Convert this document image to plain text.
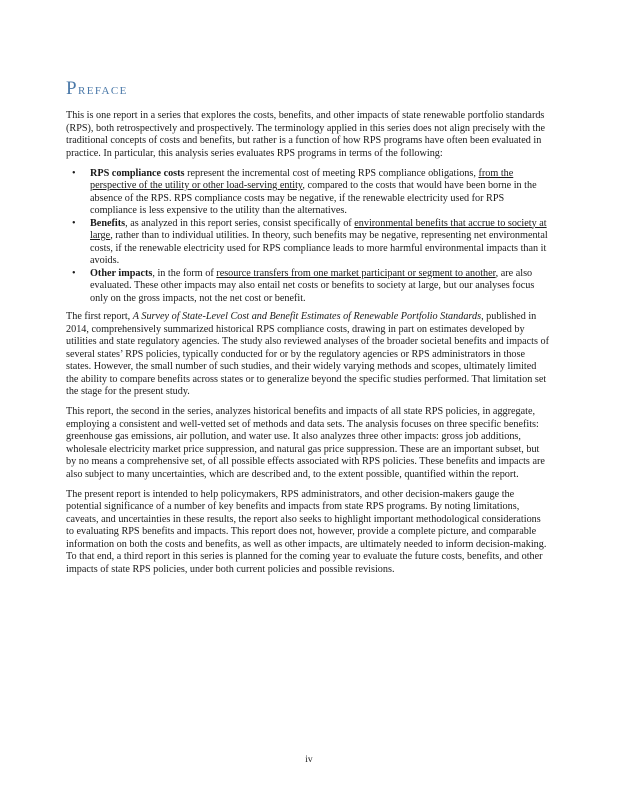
Preface

This is one report in a series that explores the costs, benefits, and other impacts of state renewable portfolio standards (RPS), both retrospectively and prospectively. The terminology applied in this series does not align precisely with the traditional concepts of costs and benefits, but rather is a function of how RPS programs have often been evaluated in practice. In particular, this analysis series evaluates RPS programs in terms of the following:

• RPS compliance costs represent the incremental cost of meeting RPS compliance obligations, from the perspective of the utility or other load-serving entity, compared to the costs that would have been borne in the absence of the RPS. RPS compliance costs may be negative, if the renewable electricity used for RPS compliance is less expensive to the utility than the alternatives.
• Benefits, as analyzed in this report series, consist specifically of environmental benefits that accrue to society at large, rather than to individual utilities. In theory, such benefits may be negative, representing net environmental costs, if the renewable electricity used for RPS compliance leads to more harmful environmental impacts than it avoids.
• Other impacts, in the form of resource transfers from one market participant or segment to another, are also evaluated. These other impacts may also entail net costs or benefits to society at large, but our analyses focus only on the gross impacts, not the net cost or benefit.

The first report, A Survey of State-Level Cost and Benefit Estimates of Renewable Portfolio Standards, published in 2014, comprehensively summarized historical RPS compliance costs, drawing in part on estimates developed by utilities and state regulatory agencies. The study also reviewed analyses of the broader societal benefits and impacts of several states’ RPS policies, typically conducted for or by the regulatory agencies or RPS administrators in those states. However, the small number of such studies, and their widely varying methods and scopes, ultimately limited the ability to compare benefits across states or to generalize beyond the specific studies performed. That limitation set the stage for the present study.

This report, the second in the series, analyzes historical benefits and impacts of all state RPS policies, in aggregate, employing a consistent and well-vetted set of methods and data sets. The analysis focuses on three specific benefits: greenhouse gas emissions, air pollution, and water use. It also analyzes three other impacts: gross job additions, wholesale electricity market price suppression, and natural gas price suppression. These are an important subset, but by no means a comprehensive set, of all possible effects associated with RPS policies. These benefits and impacts are also subject to many uncertainties, which are described and, to the extent possible, quantified within the report.

The present report is intended to help policymakers, RPS administrators, and other decision-makers gauge the potential significance of a number of key benefits and impacts from state RPS programs. By noting limitations, caveats, and uncertainties in these results, the report also seeks to highlight important methodological considerations to evaluating RPS benefits and impacts. This report does not, however, provide a complete picture, and comparable information on both the costs and benefits, as well as other impacts, are ultimately needed to inform decision-making. To that end, a third report in this series is planned for the coming year to evaluate the future costs, benefits, and other impacts of state RPS policies, under both current policies and possible revisions.

iv
